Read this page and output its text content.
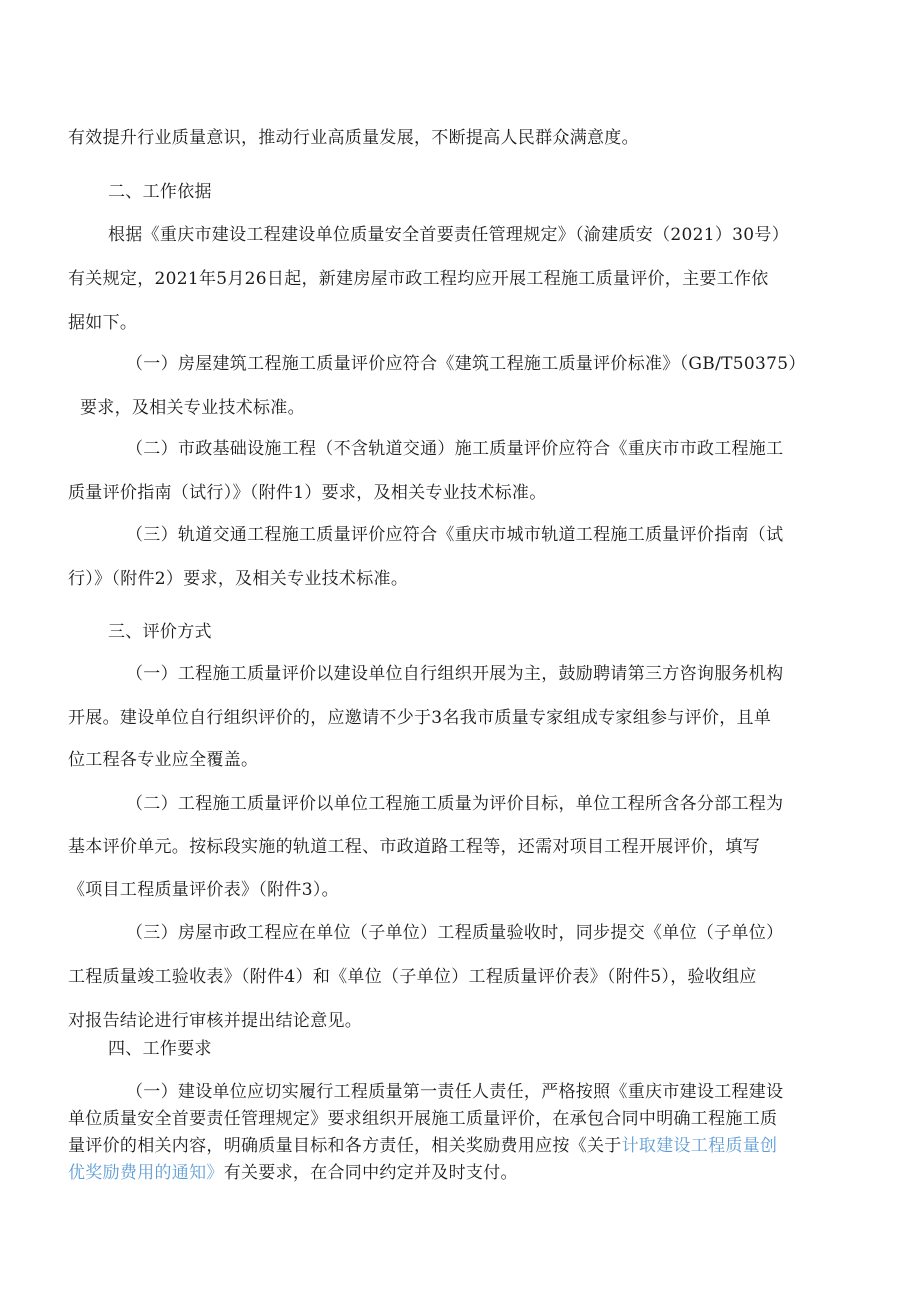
有效提升行业质量意识，推动行业高质量发展，不断提高人民群众满意度。
二、工作依据
根据《重庆市建设工程建设单位质量安全首要责任管理规定》（渝建质安（2021）30号）
有关规定，2021年5月26日起，新建房屋市政工程均应开展工程施工质量评价，主要工作依
据如下。
（一）房屋建筑工程施工质量评价应符合《建筑工程施工质量评价标准》（GB/T50375）
要求，及相关专业技术标准。
（二）市政基础设施工程（不含轨道交通）施工质量评价应符合《重庆市市政工程施工
质量评价指南（试行）》（附件1）要求，及相关专业技术标准。
（三）轨道交通工程施工质量评价应符合《重庆市城市轨道工程施工质量评价指南（试
行）》（附件2）要求，及相关专业技术标准。
三、评价方式
（一）工程施工质量评价以建设单位自行组织开展为主，鼓励聘请第三方咨询服务机构
开展。建设单位自行组织评价的，应邀请不少于3名我市质量专家组成专家组参与评价，且单
位工程各专业应全覆盖。
（二）工程施工质量评价以单位工程施工质量为评价目标，单位工程所含各分部工程为
基本评价单元。按标段实施的轨道工程、市政道路工程等，还需对项目工程开展评价，填写
《项目工程质量评价表》（附件3）。
（三）房屋市政工程应在单位（子单位）工程质量验收时，同步提交《单位（子单位）
工程质量竣工验收表》（附件4）和《单位（子单位）工程质量评价表》（附件5），验收组应
对报告结论进行审核并提出结论意见。
四、工作要求
（一）建设单位应切实履行工程质量第一责任人责任，严格按照《重庆市建设工程建设
单位质量安全首要责任管理规定》要求组织开展施工质量评价，在承包合同中明确工程施工质
量评价的相关内容，明确质量目标和各方责任，相关奖励费用应按《关于计取建设工程质量创
优奖励费用的通知》有关要求，在合同中约定并及时支付。
